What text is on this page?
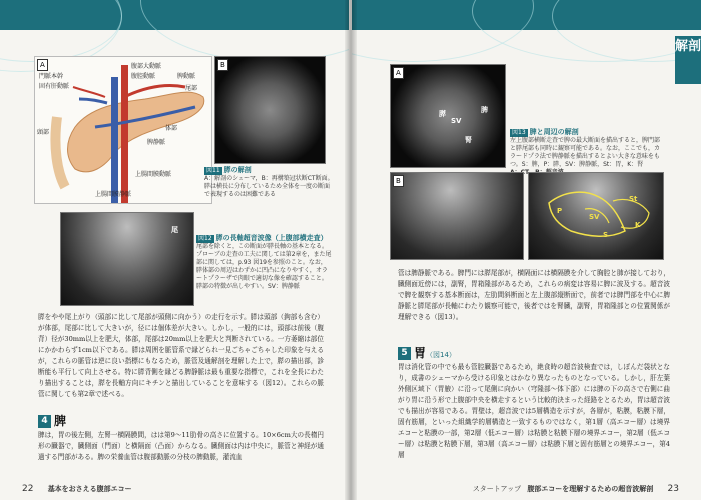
A
門脈本幹
固有肝動脈
腹部大動脈
腹腔動脈	脾動脈
尾部
体部
頭部
脾静脈
上腸間膜動脈
上腸間膜静脈
B
図11 膵の解剖
A：解剖のシェーマ，B：再構築冠状断CT断面。膵は横長に分布しているため全体を一度の断面で表現するのは困難である
尾
図12 膵の長軸超音波像（上腹部横走査）
尾部を除くと，この断面が膵長軸の基本となる。プローブの走査の工夫に関しては第2章を，また尾部に関しては，p.93 図19を参照のこと。なお，膵体部の周辺はわずかに凹凸になりやすく，オラートプラーザで肉眼で適切な像を確認すること。膵部の特徴が出しやすい。SV：脾静脈
膵をやや尾上がり（頭部に比して尾部が頭側に向かう）の走行を示す。膵は頭部（鉤部も含む）が体部，尾部に比して大きいが，径には個体差が大きい。しかし，一般的には，頭部は前後（腹背）径が30mm以上を肥大，体部，尾部は20mm以上を肥大と判断されている。一方萎縮は部位にかかわらず1cm以下である。膵は周囲を脈管系で縁どられ一見ごちゃごちゃした印象を与えるが，これらの脈管は逆に良い指標にもなるため，脈管及通解剖を理解した上で，膵の描出部，診断能も平行して向上させる。特に膵背側を縁どる脾静脈は最も重要な指標で，これを全長にわたり描出することは，膵を長軸方向にキチンと描出していることを意味する（図12）。これらの脈管に関しても第2章で述べる。
4 脾
脾は，胃の後左側，左腎一横隔膜間，はは第9〜11肋骨の高さに位置する。10×6cm大の長楕円形の臓器で，臓側面（門面）と横隔面（凸面）からなる。臓側面は内は中央に，脈管と神経が通過する門部がある。脾の栄養血管は腹部動脈の分枝の脾動脈，灌流血
22 基本をおさえる腹部エコー
解剖
A
脾
腎
SV
膵
図13 脾と周辺の解剖
左上腹部横断走査で脾の最大断面を描出すると，脾門部と膵尾部も同時に観察可能である。なお，ここでも，カラードプラ法で脾静脈を描出するとよい大きな意味をもつ。S：脾，P：膵，SV：脾静脈，St：胃，K：腎
B
P
SV
S
St
K
管は脾静脈である。脾門には膵尾部が，横隔面には横隔膜を介して胸腔と肺が接しており，臓側面近傍には，副腎，胃箱隆部があるため，これらの病変は容易に脾に波及する。超音波で脾を観察する基本断面は，左肋間斜断面と左上腹部縦断面で，前者では脾門部を中心に脾静脈と膵尾部が長軸にわたり観察可能で，後者ではを腎臓，副腎，胃箱隆部との位置関係が理解できる（図13）。
5 胃（図14）
胃は消化管の中でも最も管腔臓器であるため，絶食時の超音波検査では，しぼんだ袋状となり，成書のシェーマから受ける印象とはかなり異なったものとなっている。しかし，肝左葉外側区域下（胃腋）に沿って尾側に向かい（穹隆部〜体下部）には脾の下の高さで右側に曲がり胃に沿う形で上腹部中央を横走するという比較的決まった経路をとるため，胃は超音波でも描出が容易である。胃壁は，超音波では5層構造を示すが，各層が，粘膜，粘膜下層，固有筋層，といった組織学的層構造と一致するものではなく，第1層（高エコー層）は境界エコーと粘膜の一部，第2層（低エコー層）は粘膜と粘膜下層の境界エコー，第2層（低エコー層）は粘膜と粘膜下層，第3層（高エコー層）は粘膜下層と固有筋層との境界エコー，第4層
スタートアップ 腹部エコーを理解するための超音波解剖 23
